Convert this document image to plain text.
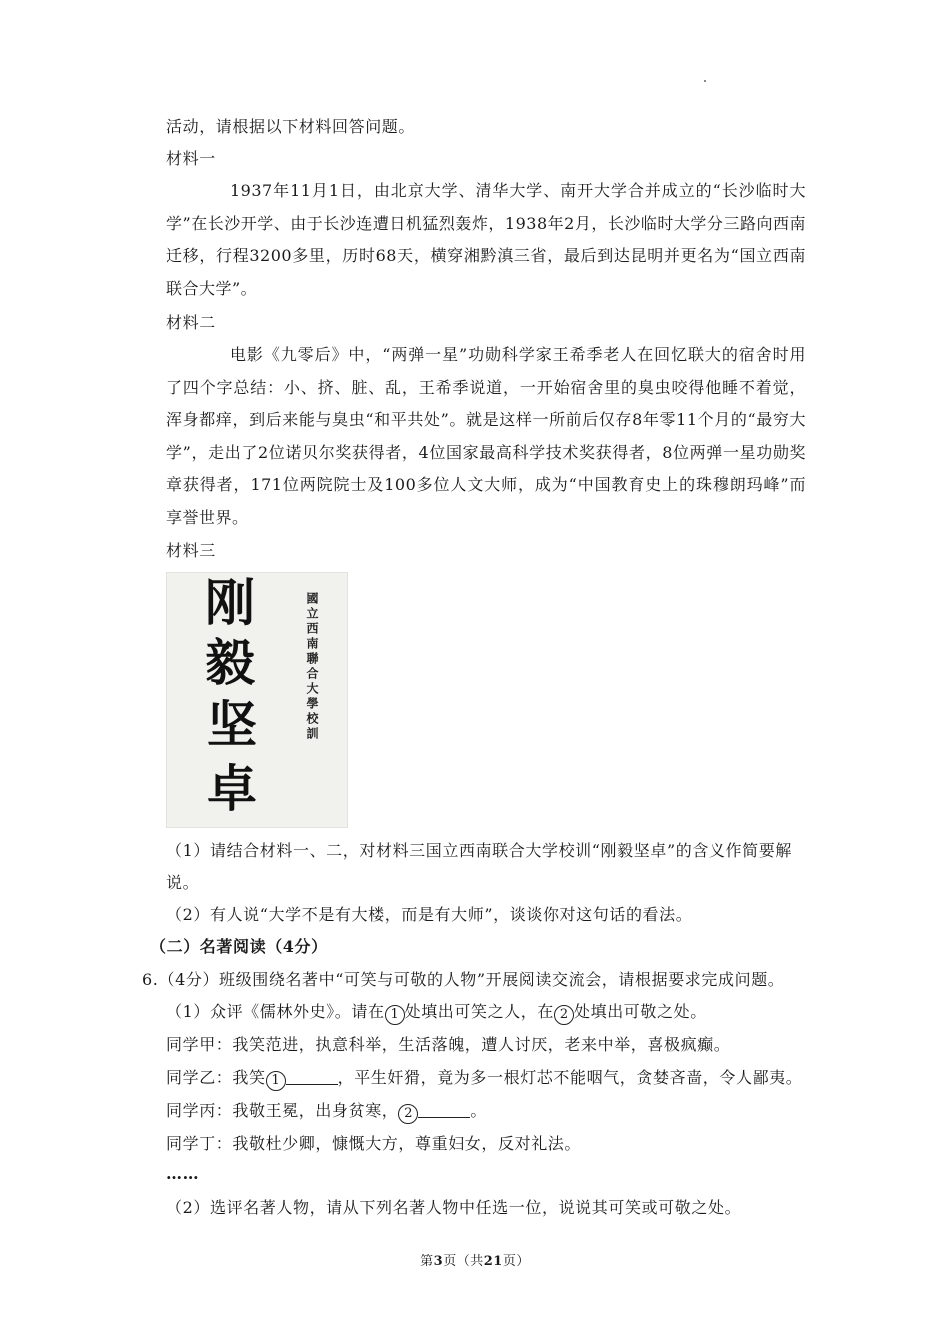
活动，请根据以下材料回答问题。
材料一
1937年11月1日，由北京大学、清华大学、南开大学合并成立的“长沙临时大学”在长沙开学、由于长沙连遭日机猛烈轰炸，1938年2月，长沙临时大学分三路向西南迁移，行程3200多里，历时68天，横穿湘黔滇三省，最后到达昆明并更名为“国立西南联合大学”。
材料二
电影《九零后》中，“两弹一星”功勋科学家王希季老人在回忆联大的宿舍时用了四个字总结：小、挤、脏、乱，王希季说道，一开始宿舍里的臭虫咬得他睡不着觉，浑身都痒，到后来能与臭虫“和平共处”。就是这样一所前后仅存8年零11个月的“最穷大学”，走出了2位诺贝尔奖获得者，4位国家最高科学技术奖获得者，8位两弹一星功勋奖章获得者，171位两院院士及100多位人文大师，成为“中国教育史上的珠穆朗玛峰”而享誉世界。
材料三
刚
毅
坚
卓
國立西南聯合大學校訓
（1）请结合材料一、二，对材料三国立西南联合大学校训“刚毅坚卓”的含义作简要解
说。
（2）有人说“大学不是有大楼，而是有大师”，谈谈你对这句话的看法。
（二）名著阅读（4分）
6.（4分）班级围绕名著中“可笑与可敬的人物”开展阅读交流会，请根据要求完成问题。
（1）众评《儒林外史》。请在 1 处填出可笑之人，在 2 处填出可敬之处。
同学甲：我笑范进，执意科举，生活落魄，遭人讨厌，老来中举，喜极疯癫。
同学乙：我笑 1	，平生奸猾，竟为多一根灯芯不能咽气，贪婪吝啬，令人鄙夷。
同学丙：我敬王冕，出身贫寒， 2	。
同学丁：我敬杜少卿，慷慨大方，尊重妇女，反对礼法。
……
（2）选评名著人物，请从下列名著人物中任选一位，说说其可笑或可敬之处。
第3页（共21页）
